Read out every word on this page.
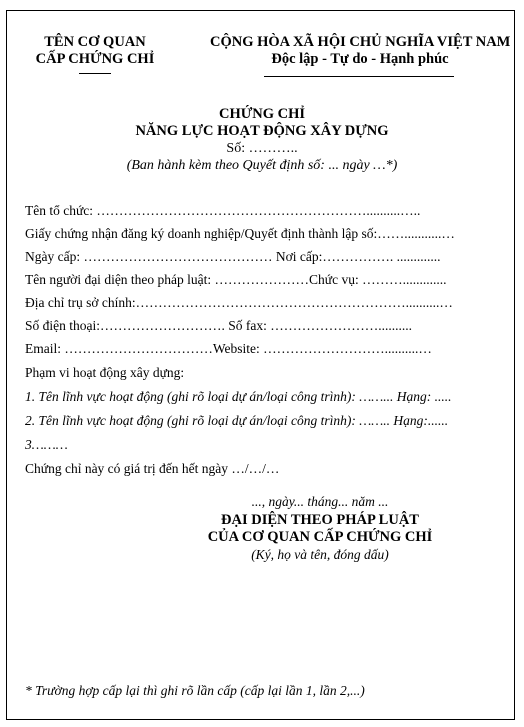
TÊN CƠ QUAN
CẤP CHỨNG CHỈ
CỘNG HÒA XÃ HỘI CHỦ NGHĨA VIỆT NAM
Độc lập - Tự do - Hạnh phúc
CHỨNG CHỈ
NĂNG LỰC HOẠT ĐỘNG XÂY DỰNG
Số: ………..
(Ban hành kèm theo Quyết định số: ... ngày …*)
Tên tổ chức: ……………………………………………………..........…..
Giấy chứng nhận đăng ký doanh nghiệp/Quyết định thành lập số:……...........…
Ngày cấp: …………………………………… Nơi cấp:……………. .............
Tên người đại diện theo pháp luật: …………………Chức vụ: ……….............
Địa chỉ trụ sở chính:……………………………………………………..........…
Số điện thoại:………………………. Số fax: ……………………..........
Email: ……………………………Website: ………………………..........…
Phạm vi hoạt động xây dựng:
1. Tên lĩnh vực hoạt động (ghi rõ loại dự án/loại công trình): ……... Hạng: .....
2. Tên lĩnh vực hoạt động (ghi rõ loại dự án/loại công trình): …….. Hạng:......
3………
Chứng chỉ này có giá trị đến hết ngày …/…/…
..., ngày... tháng... năm ...
ĐẠI DIỆN THEO PHÁP LUẬT
CỦA CƠ QUAN CẤP CHỨNG CHỈ
(Ký, họ và tên, đóng dấu)
* Trường hợp cấp lại thì ghi rõ lần cấp (cấp lại lần 1, lần 2,...)
